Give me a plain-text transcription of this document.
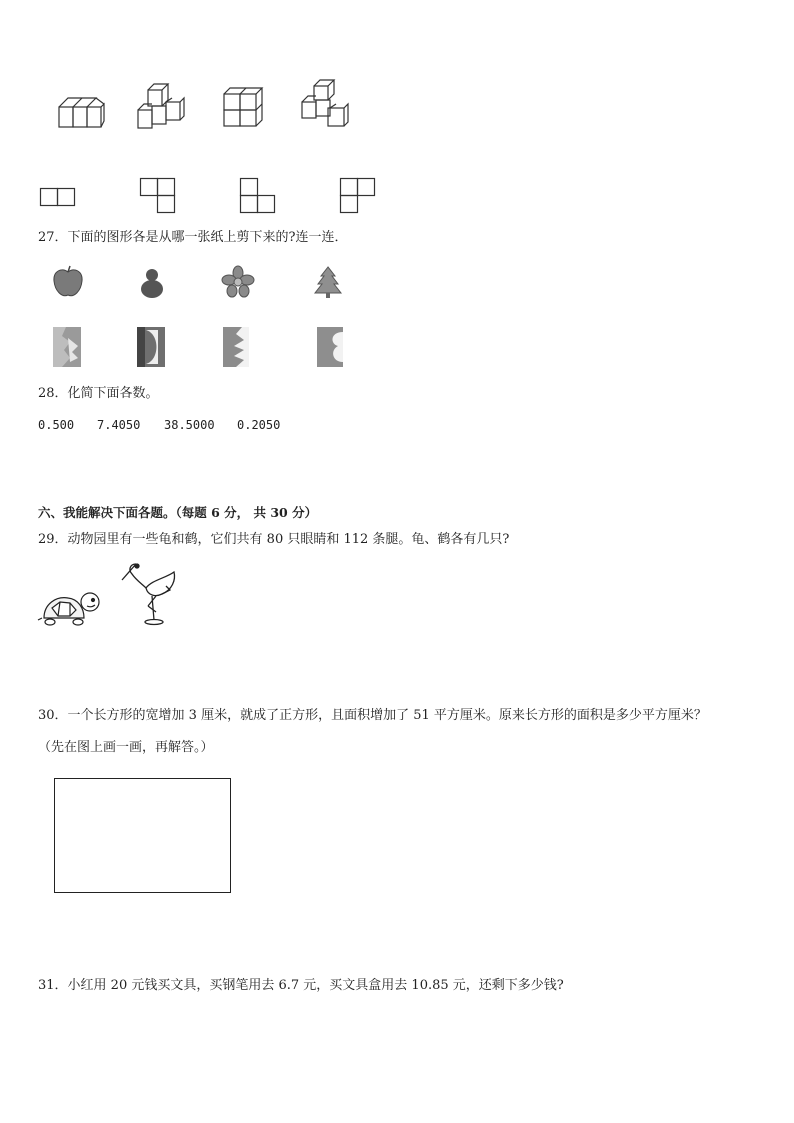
27．下面的图形各是从哪一张纸上剪下来的?连一连．
28．化简下面各数。
0.500 7.4050 38.5000 0.2050
六、我能解决下面各题。（每题 6 分， 共 30 分）
29．动物园里有一些龟和鹤，它们共有 80 只眼睛和 112 条腿。龟、鹤各有几只?
30．一个长方形的宽增加 3 厘米，就成了正方形，且面积增加了 51 平方厘米。原来长方形的面积是多少平方厘米？
（先在图上画一画，再解答。）
31．小红用 20 元钱买文具，买钢笔用去 6.7 元，买文具盒用去 10.85 元，还剩下多少钱?
